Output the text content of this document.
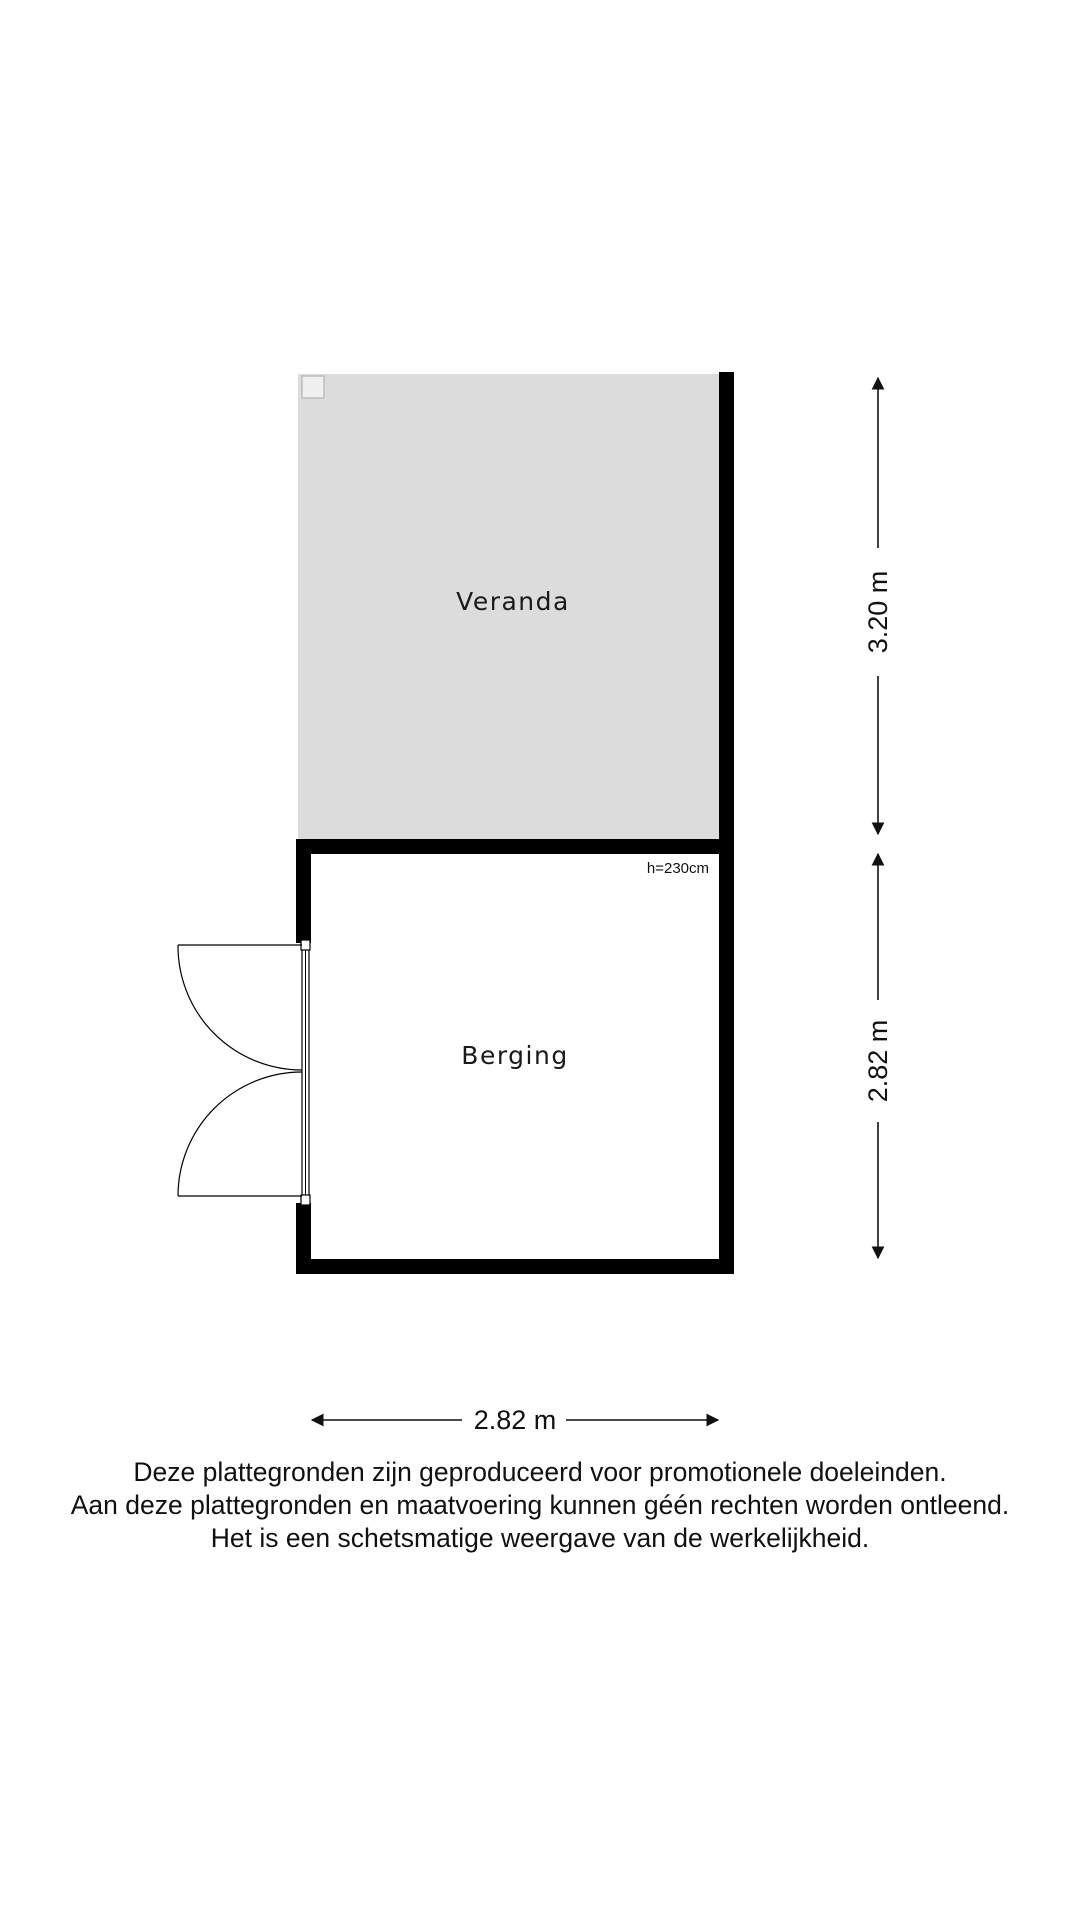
Veranda
Berging
h=230cm
3.20 m
2.82 m
2.82 m
Deze plattegronden zijn geproduceerd voor promotionele doeleinden.
Aan deze plattegronden en maatvoering kunnen géén rechten worden ontleend.
Het is een schetsmatige weergave van de werkelijkheid.
